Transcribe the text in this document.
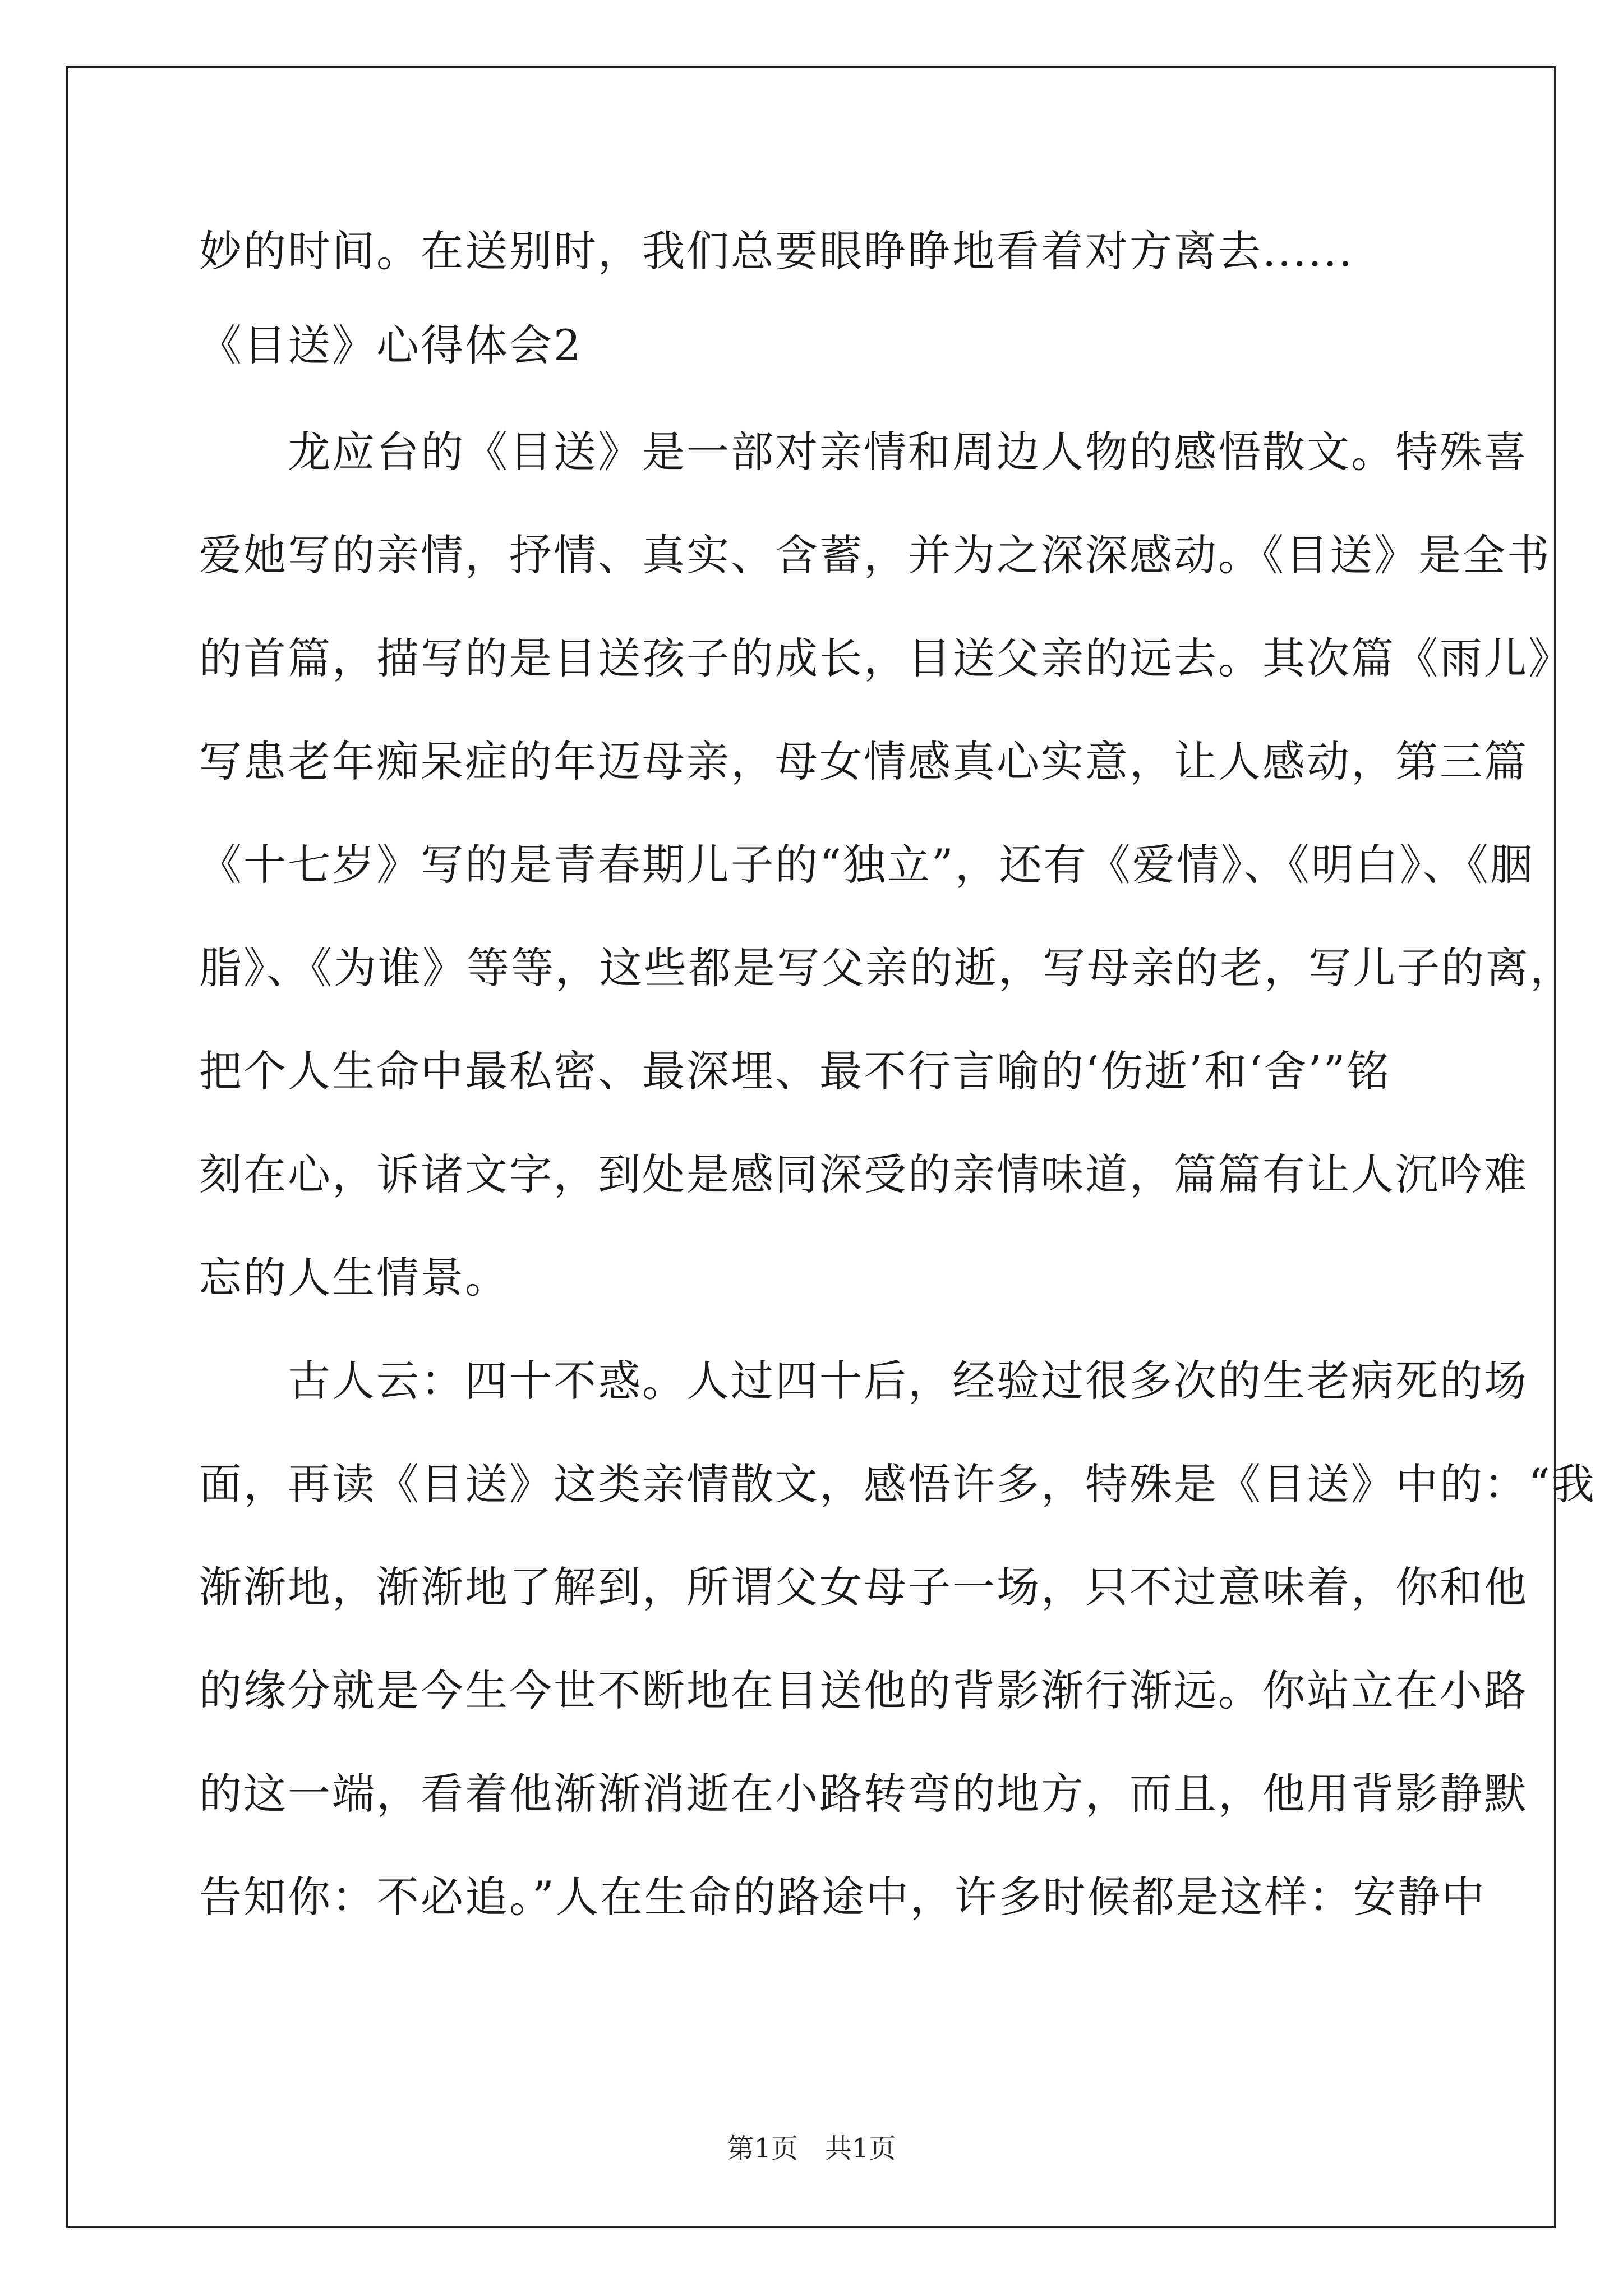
妙的时间。在送别时，我们总要眼睁睁地看着对方离去......

《目送》心得体会2

　　龙应台的《目送》是一部对亲情和周边人物的感悟散文。特殊喜

爱她写的亲情，抒情、真实、含蓄，并为之深深感动。《目送》是全书

的首篇，描写的是目送孩子的成长，目送父亲的远去。其次篇《雨儿》

写患老年痴呆症的年迈母亲，母女情感真心实意，让人感动，第三篇

《十七岁》写的是青春期儿子的“独立”，还有《爱情》、《明白》、《胭

脂》、《为谁》等等，这些都是写父亲的逝，写母亲的老，写儿子的离，

把个人生命中最私密、最深埋、最不行言喻的‘伤逝’和‘舍’”铭

刻在心，诉诸文字，到处是感同深受的亲情味道，篇篇有让人沉吟难

忘的人生情景。

　　古人云：四十不惑。人过四十后，经验过很多次的生老病死的场

面，再读《目送》这类亲情散文，感悟许多，特殊是《目送》中的：“我

渐渐地，渐渐地了解到，所谓父女母子一场，只不过意味着，你和他

的缘分就是今生今世不断地在目送他的背影渐行渐远。你站立在小路

的这一端，看着他渐渐消逝在小路转弯的地方，而且，他用背影静默

告知你：不必追。”人在生命的路途中，许多时候都是这样：安静中

第1页　共1页
